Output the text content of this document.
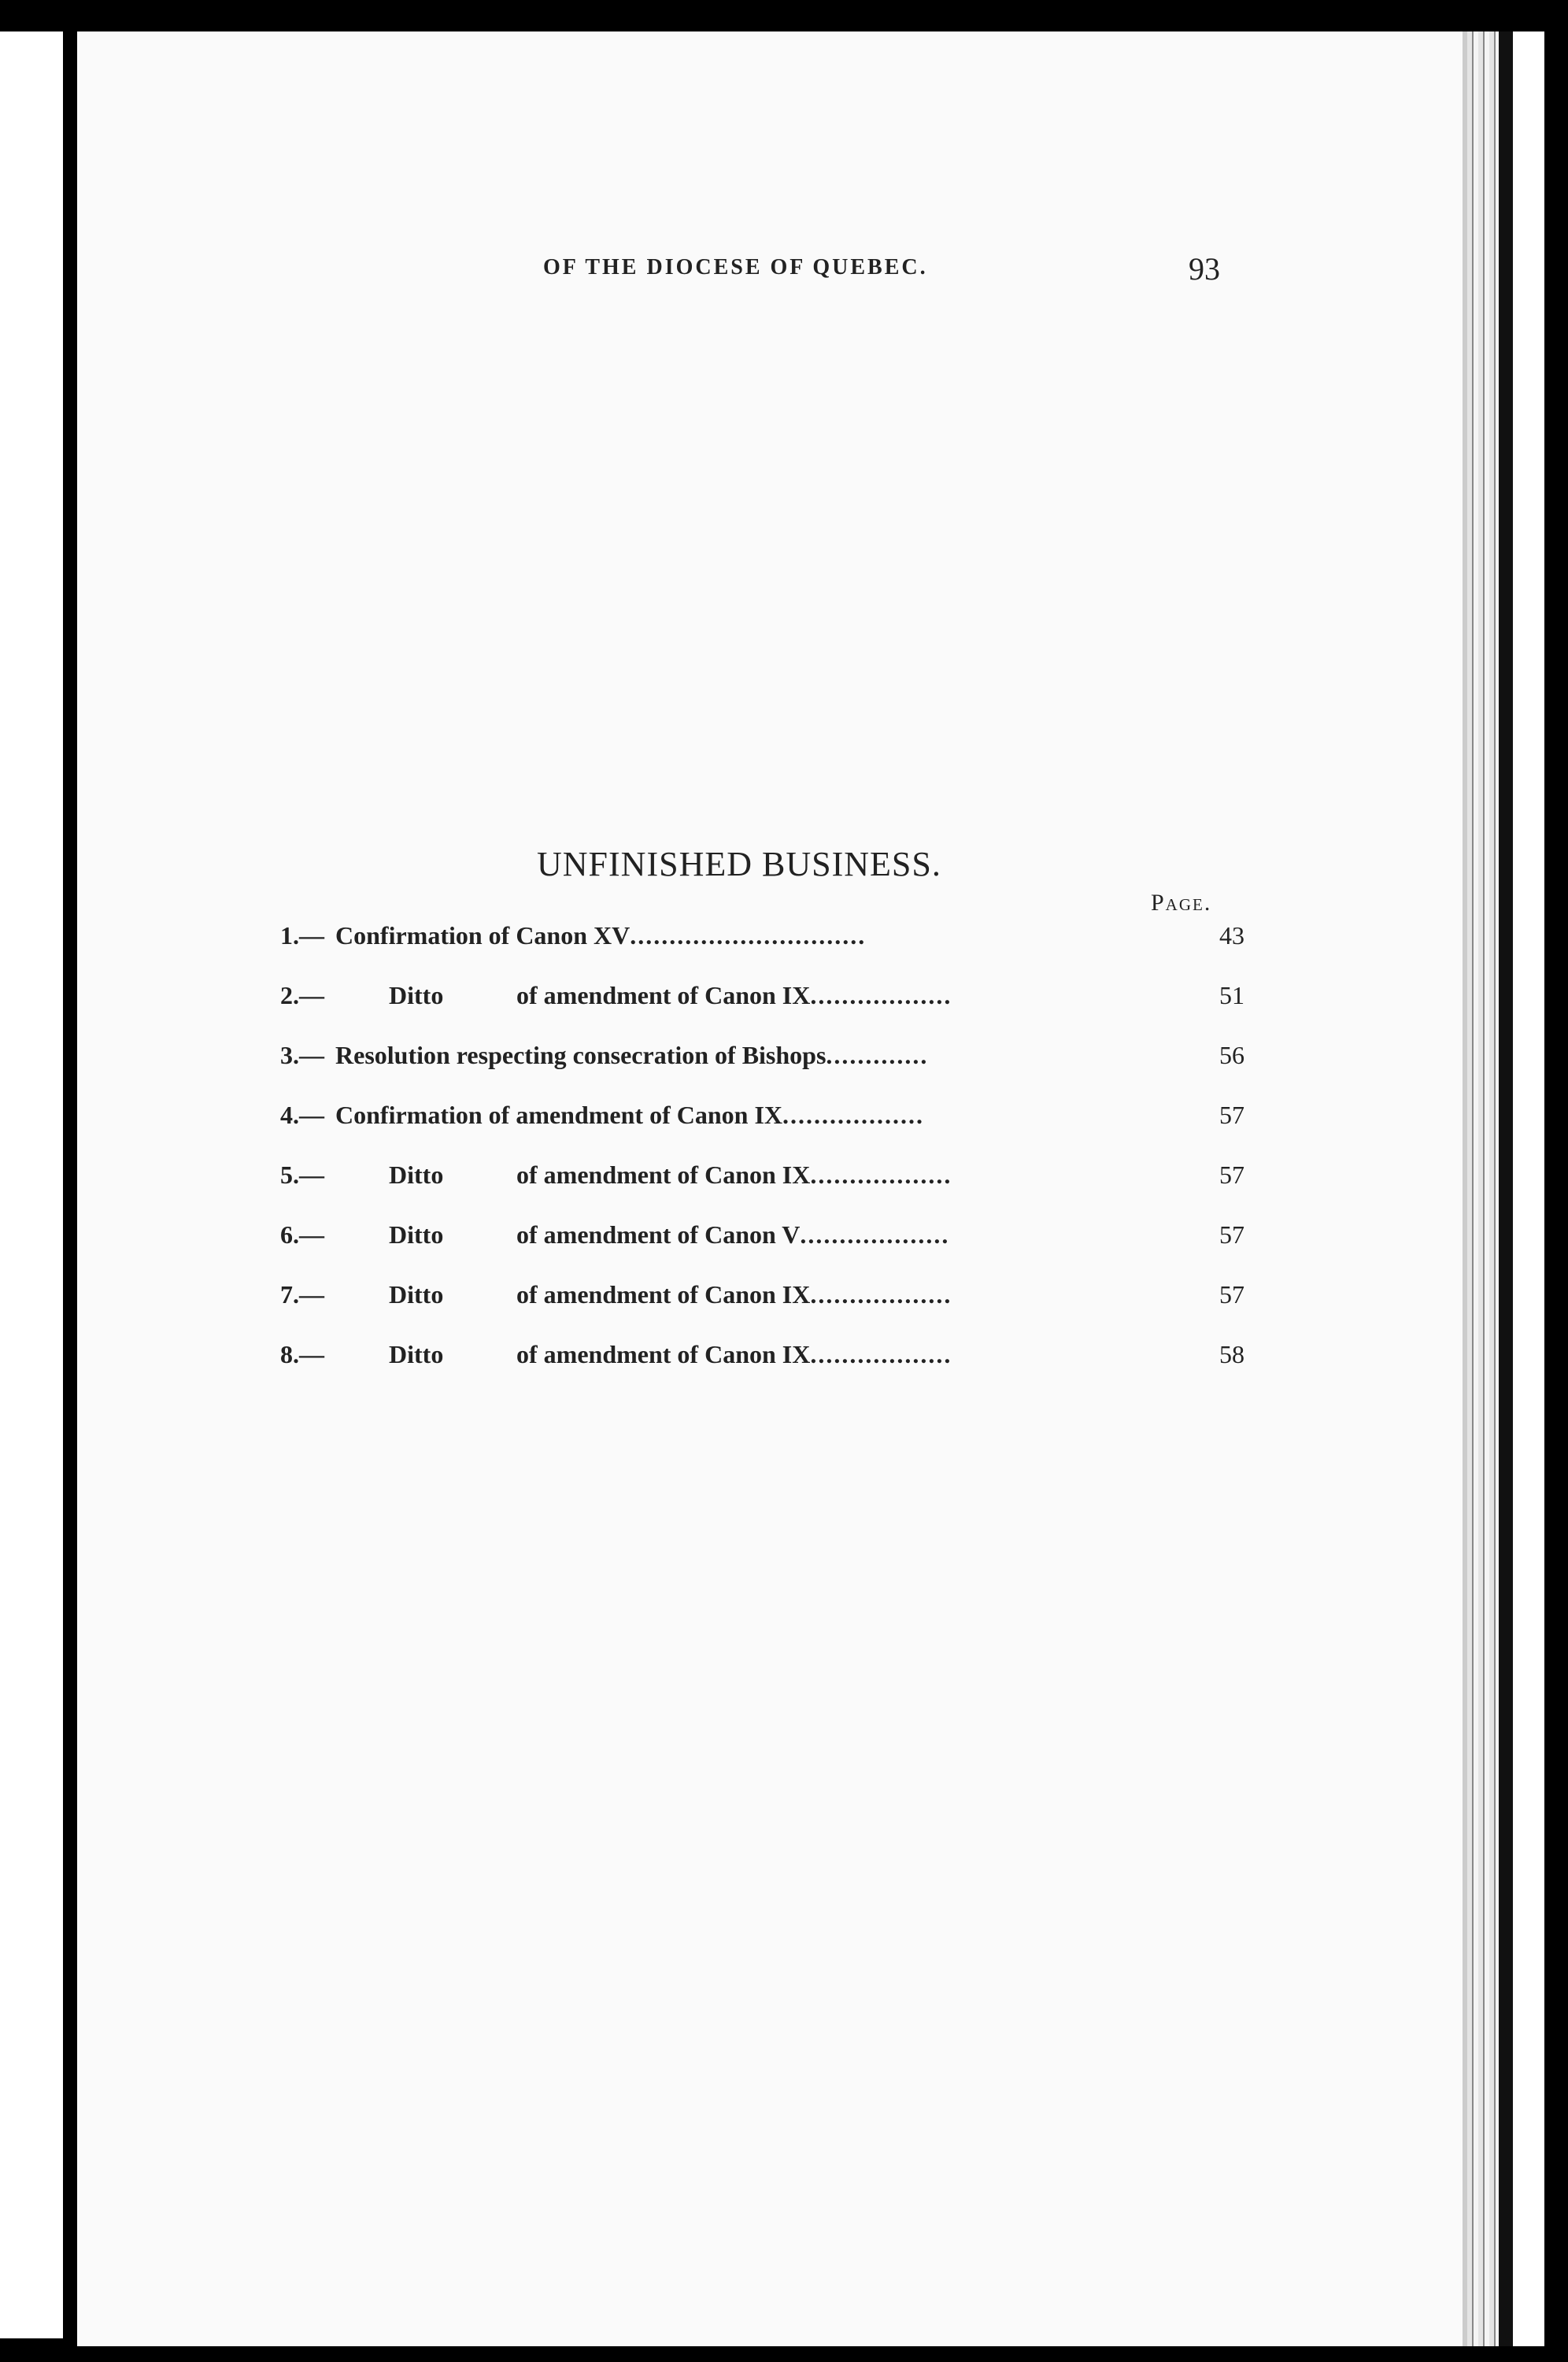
OF THE DIOCESE OF QUEBEC.	93
UNFINISHED BUSINESS.
Page.
1.— Confirmation of Canon XV..............................	43
2.—	Ditto	of amendment of Canon IX..................	51
3.— Resolution respecting consecration of Bishops.............	56
4.— Confirmation of amendment of Canon IX..................	57
5.—	Ditto	of amendment of Canon IX..................	57
6.—	Ditto	of amendment of Canon V...................	57
7.—	Ditto	of amendment of Canon IX..................	57
8.—	Ditto	of amendment of Canon IX..................	58
